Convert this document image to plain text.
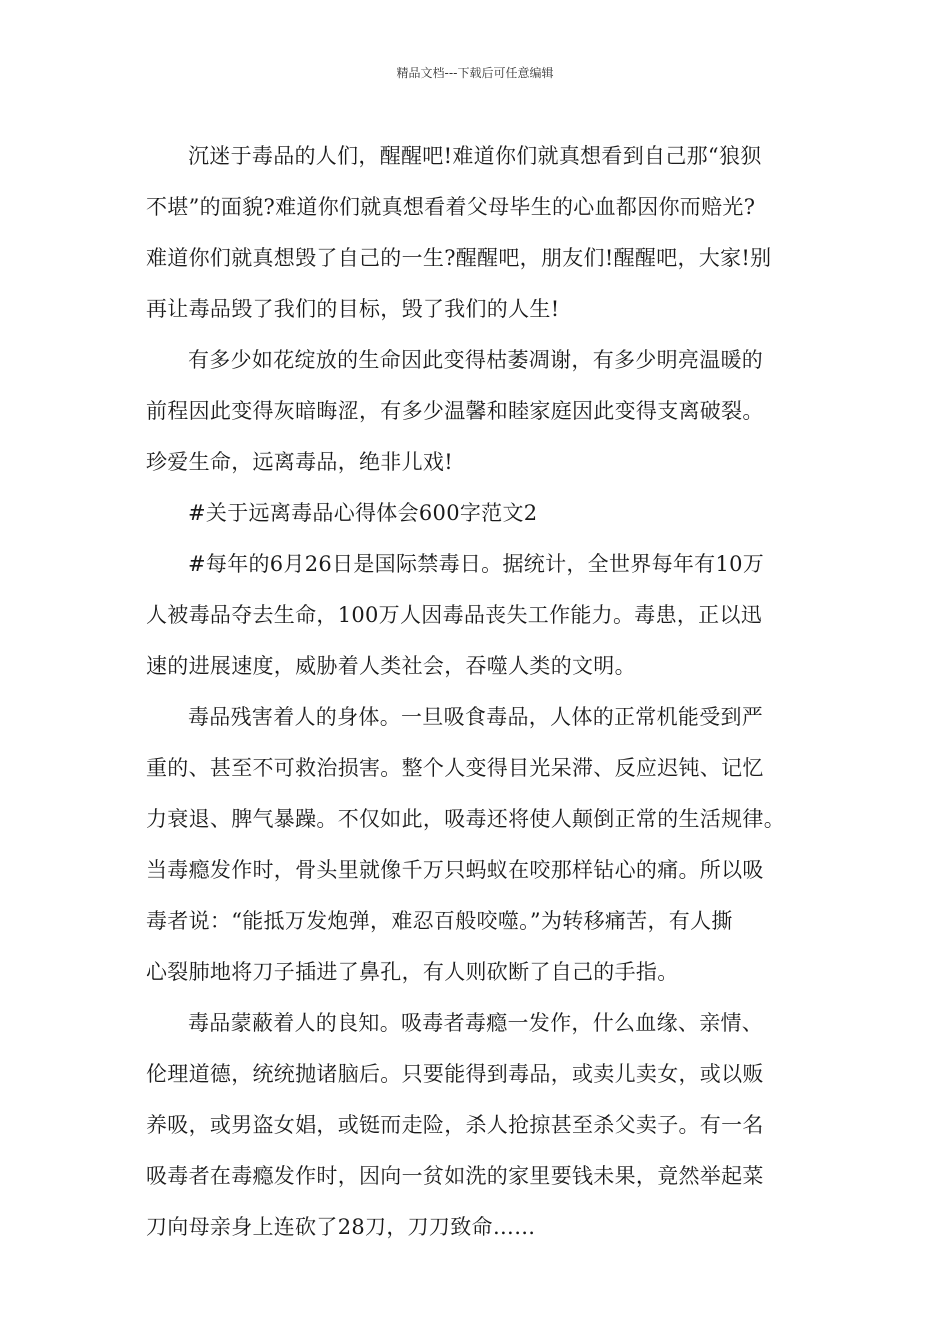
精品文档---下载后可任意编辑
沉迷于毒品的人们，醒醒吧!难道你们就真想看到自己那“狼狈
不堪”的面貌?难道你们就真想看着父母毕生的心血都因你而赔光?
难道你们就真想毁了自己的一生?醒醒吧，朋友们!醒醒吧，大家!别
再让毒品毁了我们的目标，毁了我们的人生!
有多少如花绽放的生命因此变得枯萎凋谢，有多少明亮温暖的
前程因此变得灰暗晦涩，有多少温馨和睦家庭因此变得支离破裂。
珍爱生命，远离毒品，绝非儿戏!
#关于远离毒品心得体会600字范文2
#每年的6月26日是国际禁毒日。据统计，全世界每年有10万
人被毒品夺去生命，100万人因毒品丧失工作能力。毒患，正以迅
速的进展速度，威胁着人类社会，吞噬人类的文明。
毒品残害着人的身体。一旦吸食毒品，人体的正常机能受到严
重的、甚至不可救治损害。整个人变得目光呆滞、反应迟钝、记忆
力衰退、脾气暴躁。不仅如此，吸毒还将使人颠倒正常的生活规律。
当毒瘾发作时，骨头里就像千万只蚂蚁在咬那样钻心的痛。所以吸
毒者说：“能抵万发炮弹，难忍百般咬噬。”为转移痛苦，有人撕
心裂肺地将刀子插进了鼻孔，有人则砍断了自己的手指。
毒品蒙蔽着人的良知。吸毒者毒瘾一发作，什么血缘、亲情、
伦理道德，统统抛诸脑后。只要能得到毒品，或卖儿卖女，或以贩
养吸，或男盗女娼，或铤而走险，杀人抢掠甚至杀父卖子。有一名
吸毒者在毒瘾发作时，因向一贫如洗的家里要钱未果，竟然举起菜
刀向母亲身上连砍了28刀，刀刀致命……
